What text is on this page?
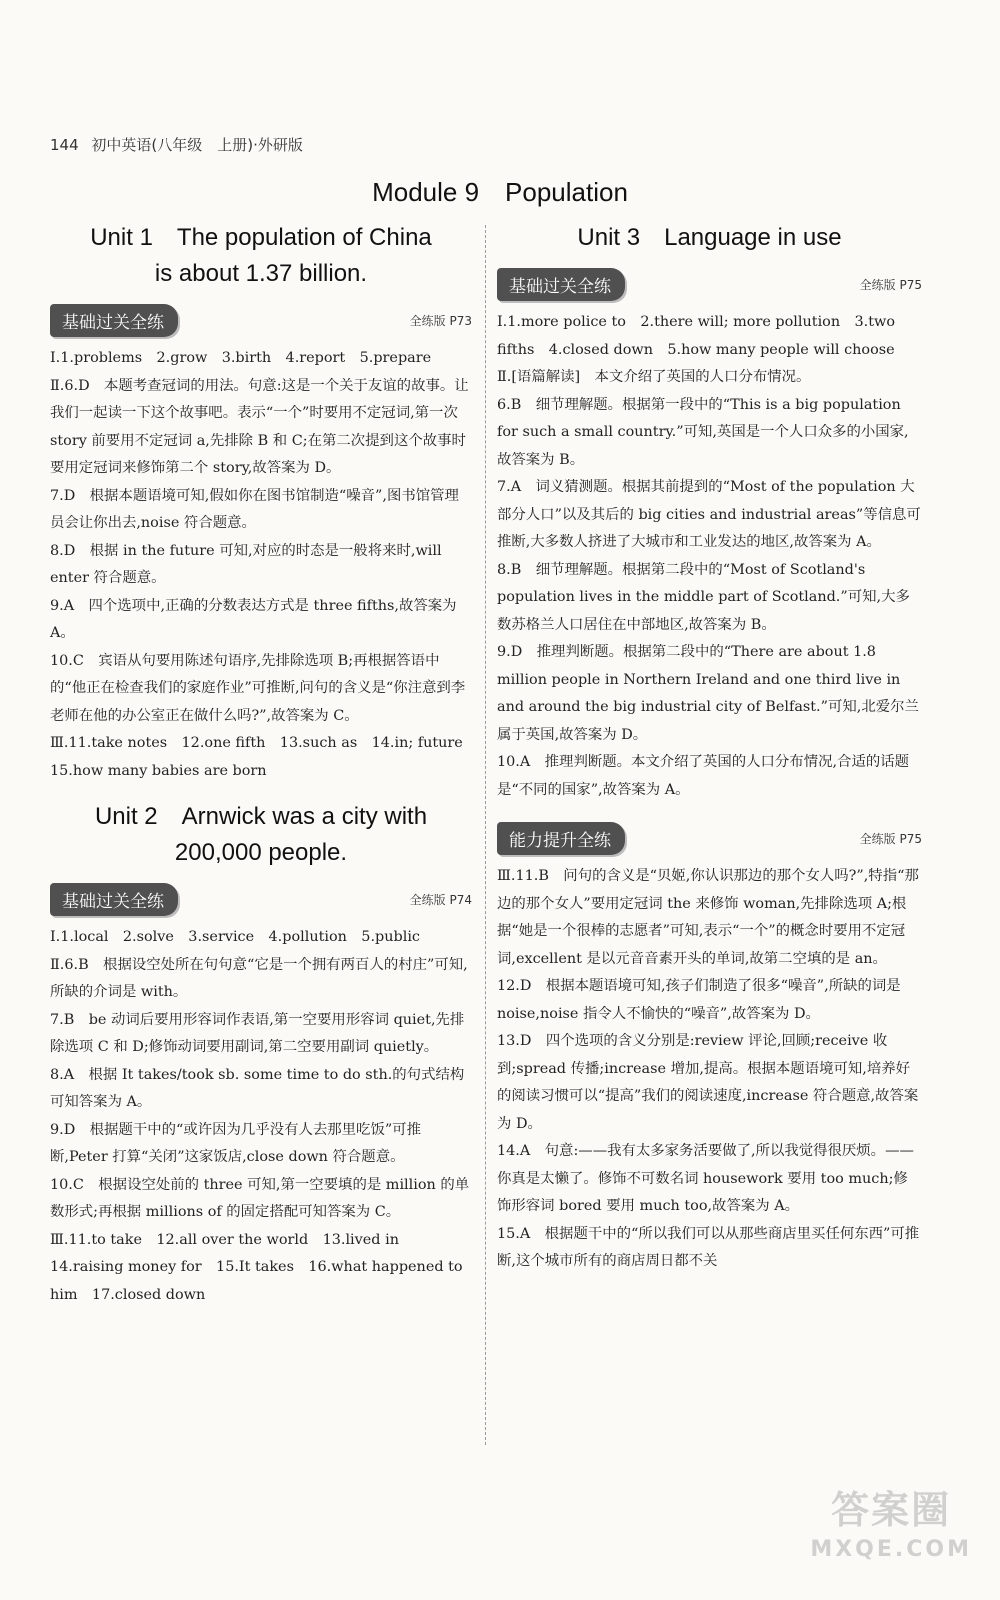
144 初中英语(八年级　上册)·外研版
Module 9　Population
Unit 1　The population of China
is about 1.37 billion.
基础过关全练	全练版 P73

Ⅰ.1.problems　2.grow　3.birth　4.report　5.prepare

Ⅱ.6.D　本题考查冠词的用法。句意:这是一个关于友谊的故事。让我们一起读一下这个故事吧。表示“一个”时要用不定冠词,第一次 story 前要用不定冠词 a,先排除 B 和 C;在第二次提到这个故事时要用定冠词来修饰第二个 story,故答案为 D。

7.D　根据本题语境可知,假如你在图书馆制造“噪音”,图书馆管理员会让你出去,noise 符合题意。

8.D　根据 in the future 可知,对应的时态是一般将来时,will enter 符合题意。

9.A　四个选项中,正确的分数表达方式是 three fifths,故答案为 A。

10.C　宾语从句要用陈述句语序,先排除选项 B;再根据答语中的“他正在检查我们的家庭作业”可推断,问句的含义是“你注意到李老师在他的办公室正在做什么吗?”,故答案为 C。

Ⅲ.11.take notes　12.one fifth　13.such as　14.in; future

15.how many babies are born

Unit 2　Arnwick was a city with
200,000 people.
基础过关全练	全练版 P74

Ⅰ.1.local　2.solve　3.service　4.pollution　5.public

Ⅱ.6.B　根据设空处所在句句意“它是一个拥有两百人的村庄”可知,所缺的介词是 with。

7.B　be 动词后要用形容词作表语,第一空要用形容词 quiet,先排除选项 C 和 D;修饰动词要用副词,第二空要用副词 quietly。

8.A　根据 It takes/took sb. some time to do sth.的句式结构可知答案为 A。

9.D　根据题干中的“或许因为几乎没有人去那里吃饭”可推断,Peter 打算“关闭”这家饭店,close down 符合题意。

10.C　根据设空处前的 three 可知,第一空要填的是 million 的单数形式;再根据 millions of 的固定搭配可知答案为 C。

Ⅲ.11.to take　12.all over the world　13.lived in

14.raising money for　15.It takes　16.what happened to him　17.closed down

Unit 3　Language in use
基础过关全练	全练版 P75

Ⅰ.1.more police to　2.there will; more pollution　3.two fifths　4.closed down　5.how many people will choose

Ⅱ.[语篇解读]　本文介绍了英国的人口分布情况。

6.B　细节理解题。根据第一段中的“This is a big population for such a small country.”可知,英国是一个人口众多的小国家,故答案为 B。

7.A　词义猜测题。根据其前提到的“Most of the population 大部分人口”以及其后的 big cities and industrial areas”等信息可推断,大多数人挤进了大城市和工业发达的地区,故答案为 A。

8.B　细节理解题。根据第二段中的“Most of Scotland's population lives in the middle part of Scotland.”可知,大多数苏格兰人口居住在中部地区,故答案为 B。

9.D　推理判断题。根据第二段中的“There are about 1.8 million people in Northern Ireland and one third live in and around the big industrial city of Belfast.”可知,北爱尔兰属于英国,故答案为 D。

10.A　推理判断题。本文介绍了英国的人口分布情况,合适的话题是“不同的国家”,故答案为 A。

能力提升全练	全练版 P75

Ⅲ.11.B　问句的含义是“贝姬,你认识那边的那个女人吗?”,特指“那边的那个女人”要用定冠词 the 来修饰 woman,先排除选项 A;根据“她是一个很棒的志愿者”可知,表示“一个”的概念时要用不定冠词,excellent 是以元音音素开头的单词,故第二空填的是 an。

12.D　根据本题语境可知,孩子们制造了很多“噪音”,所缺的词是 noise,noise 指令人不愉快的“噪音”,故答案为 D。

13.D　四个选项的含义分别是:review 评论,回顾;receive 收到;spread 传播;increase 增加,提高。根据本题语境可知,培养好的阅读习惯可以“提高”我们的阅读速度,increase 符合题意,故答案为 D。

14.A　句意:——我有太多家务活要做了,所以我觉得很厌烦。——你真是太懒了。修饰不可数名词 housework 要用 too much;修饰形容词 bored 要用 much too,故答案为 A。

15.A　根据题干中的“所以我们可以从那些商店里买任何东西”可推断,这个城市所有的商店周日都不关

答案圈
MXQE.COM
